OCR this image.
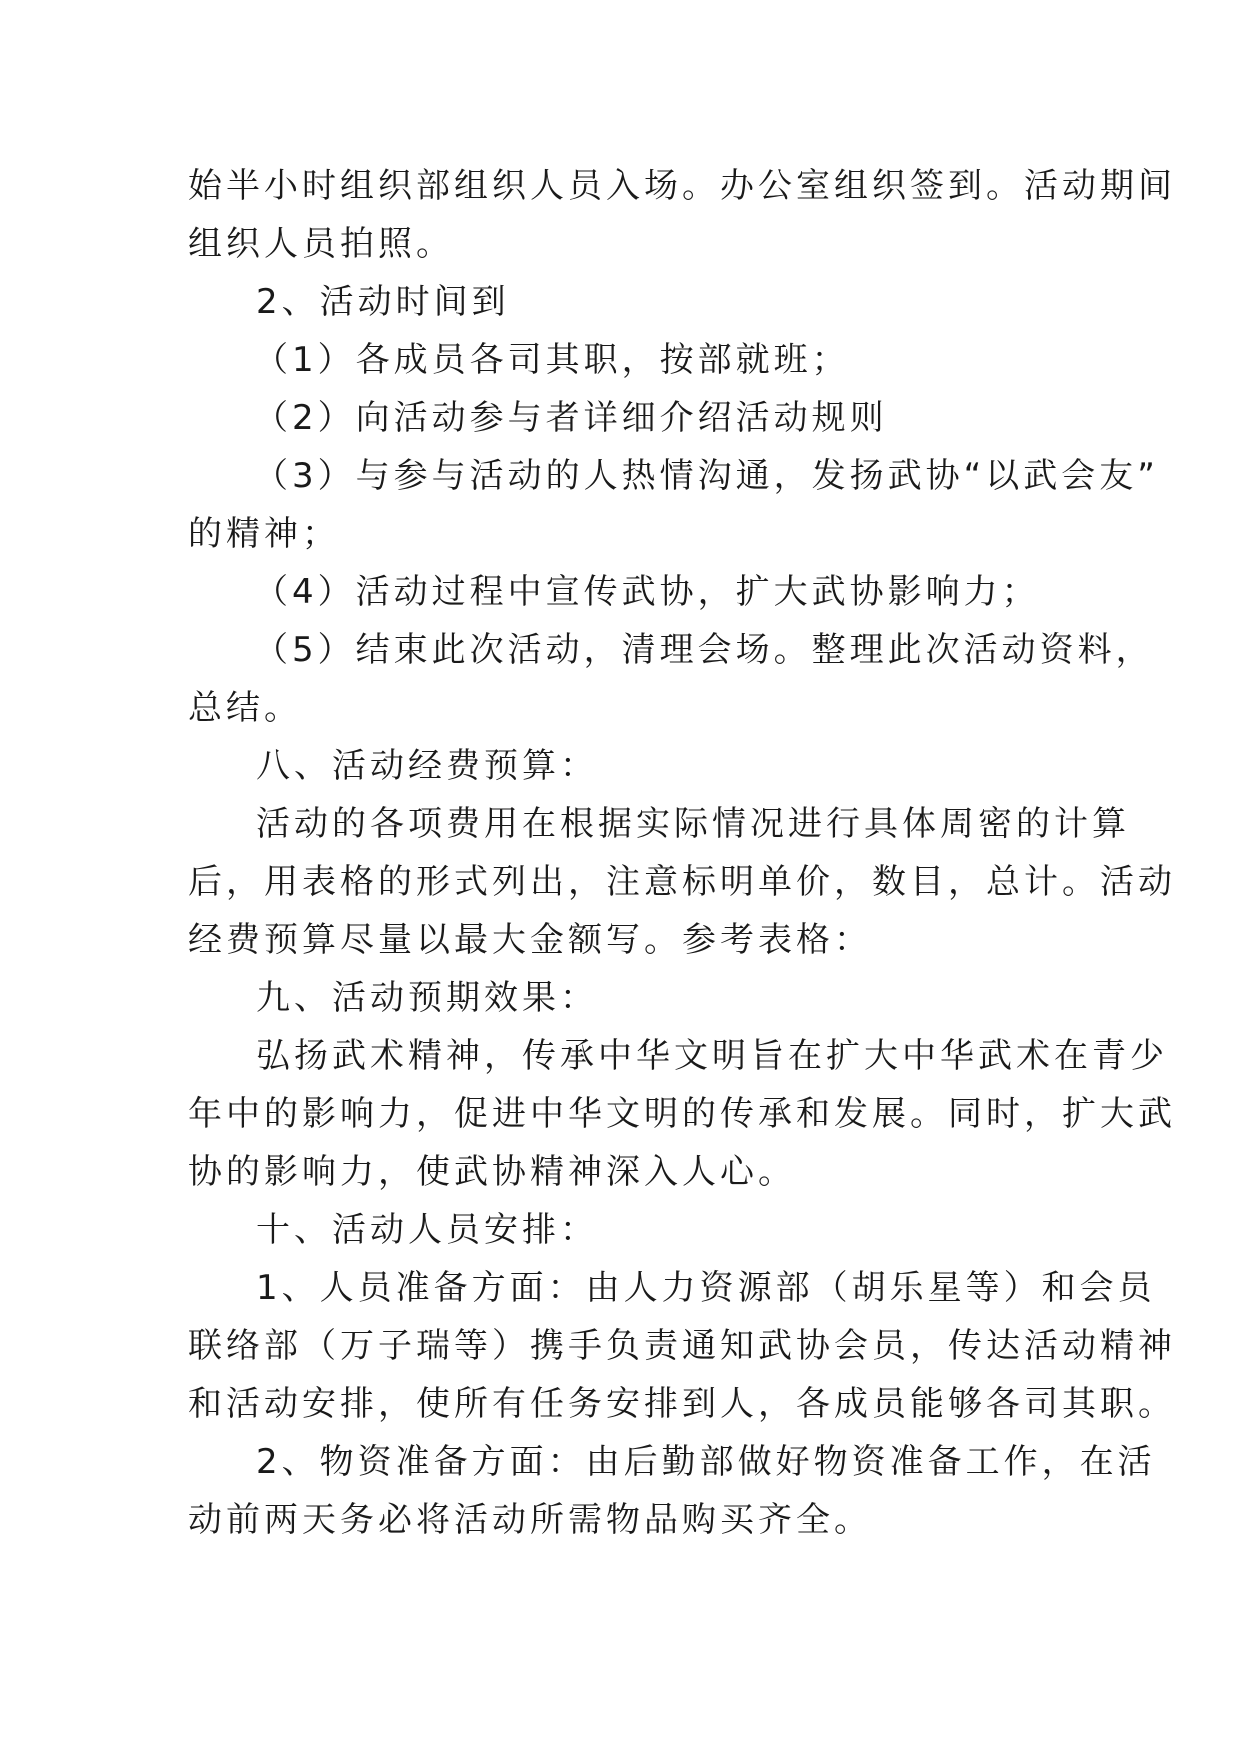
始半小时组织部组织人员入场。办公室组织签到。活动期间

组织人员拍照。

2、活动时间到

（1）各成员各司其职，按部就班；

（2）向活动参与者详细介绍活动规则

（3）与参与活动的人热情沟通，发扬武协“以武会友”

的精神；

（4）活动过程中宣传武协，扩大武协影响力；

（5）结束此次活动，清理会场。整理此次活动资料，

总结。

八、活动经费预算：

活动的各项费用在根据实际情况进行具体周密的计算

后，用表格的形式列出，注意标明单价，数目，总计。活动

经费预算尽量以最大金额写。参考表格：

九、活动预期效果：

弘扬武术精神，传承中华文明旨在扩大中华武术在青少

年中的影响力，促进中华文明的传承和发展。同时，扩大武

协的影响力，使武协精神深入人心。

十、活动人员安排：

1、人员准备方面：由人力资源部（胡乐星等）和会员

联络部（万子瑞等）携手负责通知武协会员，传达活动精神

和活动安排，使所有任务安排到人，各成员能够各司其职。

2、物资准备方面：由后勤部做好物资准备工作，在活

动前两天务必将活动所需物品购买齐全。
